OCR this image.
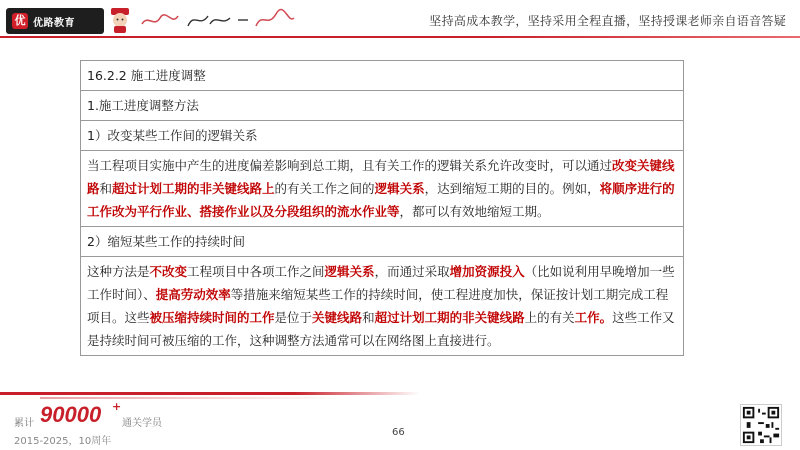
优 优路教育	坚持高成本教学，坚持采用全程直播，坚持授课老师亲自语音答疑
16.2.2 施工进度调整
1.施工进度调整方法
1）改变某些工作间的逻辑关系
当工程项目实施中产生的进度偏差影响到总工期，且有关工作的逻辑关系允许改变时，可以通过改变关键线路和超过计划工期的非关键线路上的有关工作之间的逻辑关系，达到缩短工期的目的。例如，将顺序进行的工作改为平行作业、搭接作业以及分段组织的流水作业等，都可以有效地缩短工期。
2）缩短某些工作的持续时间
这种方法是不改变工程项目中各项工作之间逻辑关系，而通过采取增加资源投入（比如说利用早晚增加一些工作时间）、提高劳动效率等措施来缩短某些工作的持续时间，使工程进度加快，保证按计划工期完成工程项目。这些被压缩持续时间的工作是位于关键线路和超过计划工期的非关键线路上的有关工作。这些工作又是持续时间可被压缩的工作，这种调整方法通常可以在网络图上直接进行。
累计 90000 +
通关学员
2015-2025，10周年
66
